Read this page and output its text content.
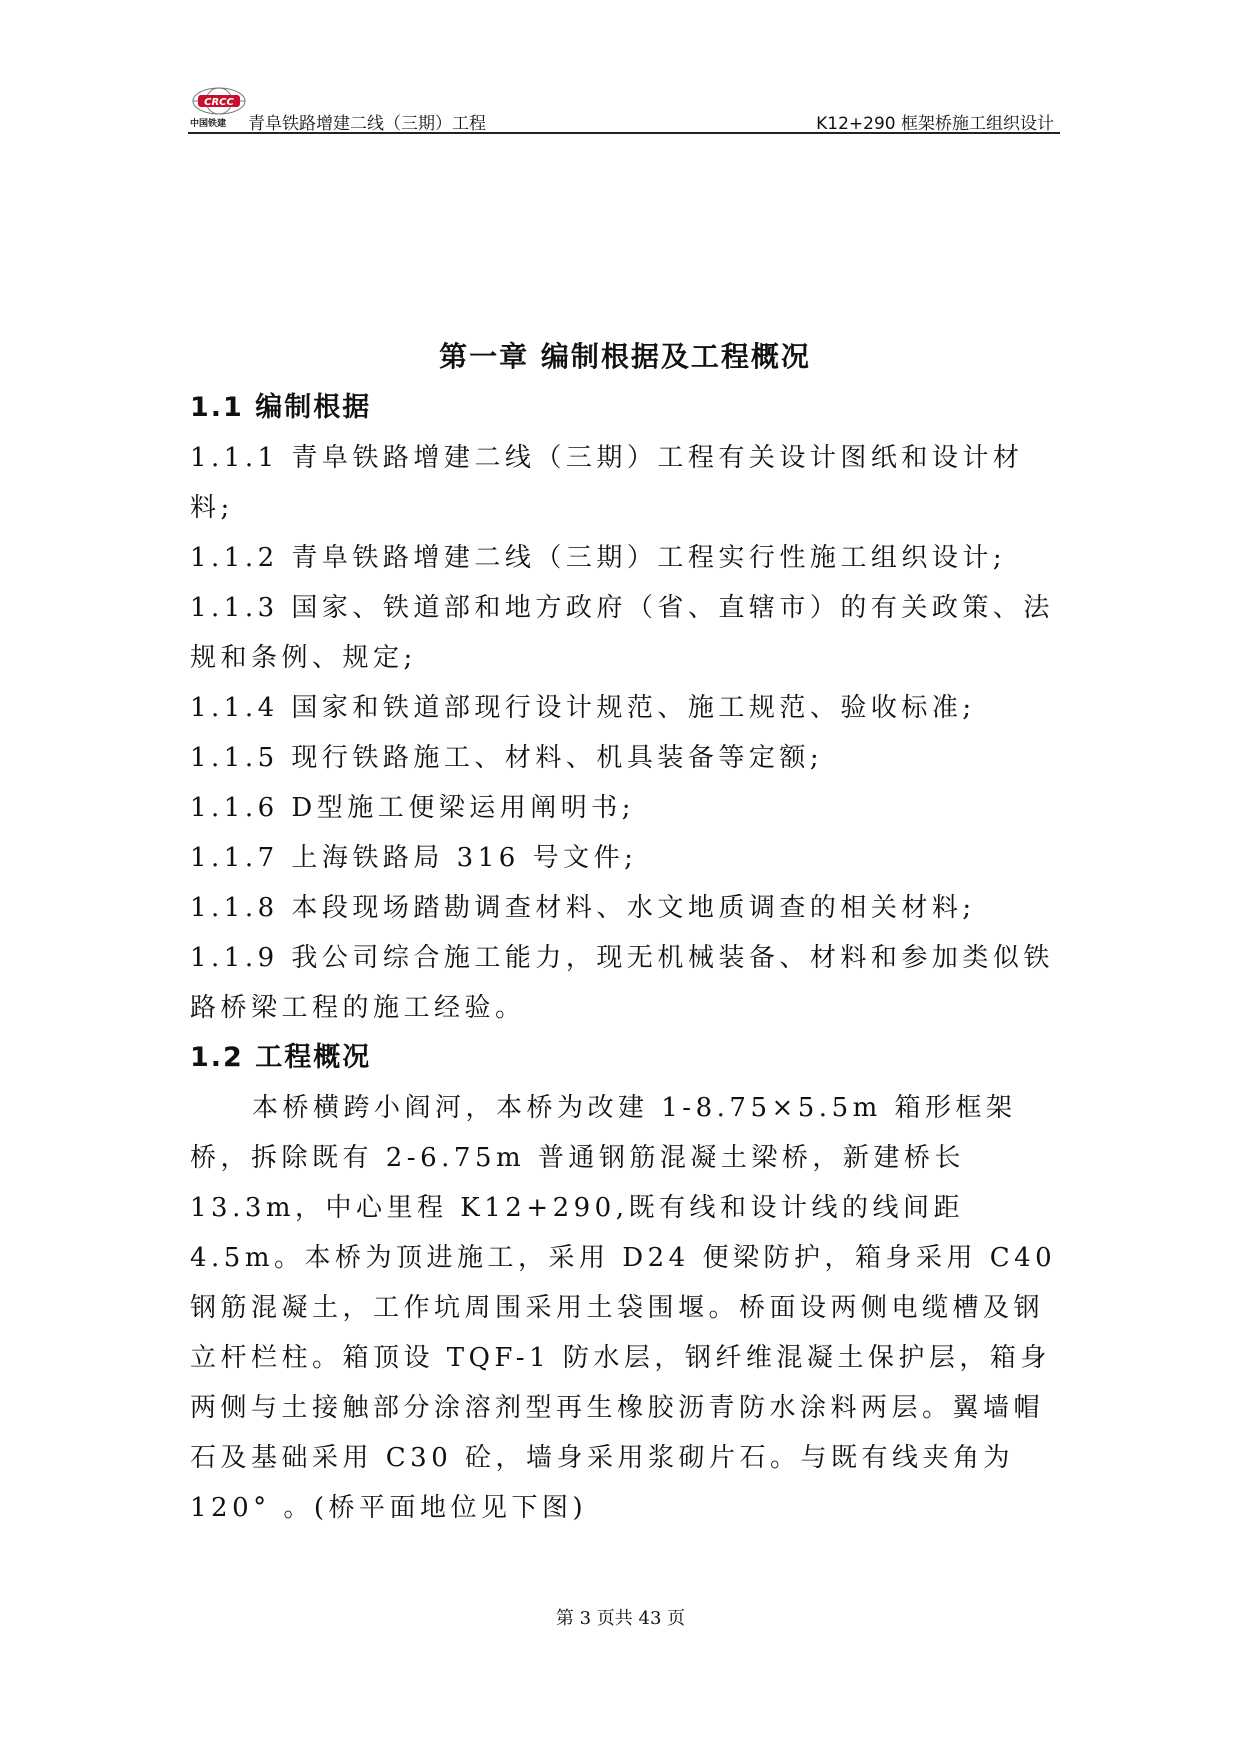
CRCC
中国铁建 青阜铁路增建二线（三期）工程	K12+290 框架桥施工组织设计
第一章 编制根据及工程概况
1.1 编制根据

1.1.1 青阜铁路增建二线（三期）工程有关设计图纸和设计材料;

1.1.2 青阜铁路增建二线（三期）工程实行性施工组织设计;

1.1.3 国家、铁道部和地方政府（省、直辖市）的有关政策、法规和条例、规定;

1.1.4 国家和铁道部现行设计规范、施工规范、验收标准;

1.1.5 现行铁路施工、材料、机具装备等定额;

1.1.6 D型施工便梁运用阐明书;

1.1.7 上海铁路局 316 号文件;

1.1.8 本段现场踏勘调查材料、水文地质调查的相关材料;

1.1.9 我公司综合施工能力，现无机械装备、材料和参加类似铁路桥梁工程的施工经验。

1.2 工程概况

本桥横跨小阎河，本桥为改建 1-8.75×5.5m 箱形框架桥，拆除既有 2-6.75m 普通钢筋混凝土梁桥，新建桥长 13.3m，中心里程 K12+290,既有线和设计线的线间距 4.5m。本桥为顶进施工，采用 D24 便梁防护，箱身采用 C40 钢筋混凝土，工作坑周围采用土袋围堰。桥面设两侧电缆槽及钢立杆栏柱。箱顶设 TQF-1 防水层，钢纤维混凝土保护层，箱身两侧与土接触部分涂溶剂型再生橡胶沥青防水涂料两层。翼墙帽石及基础采用 C30 砼，墙身采用浆砌片石。与既有线夹角为 120° 。(桥平面地位见下图)

第 3 页共 43 页
